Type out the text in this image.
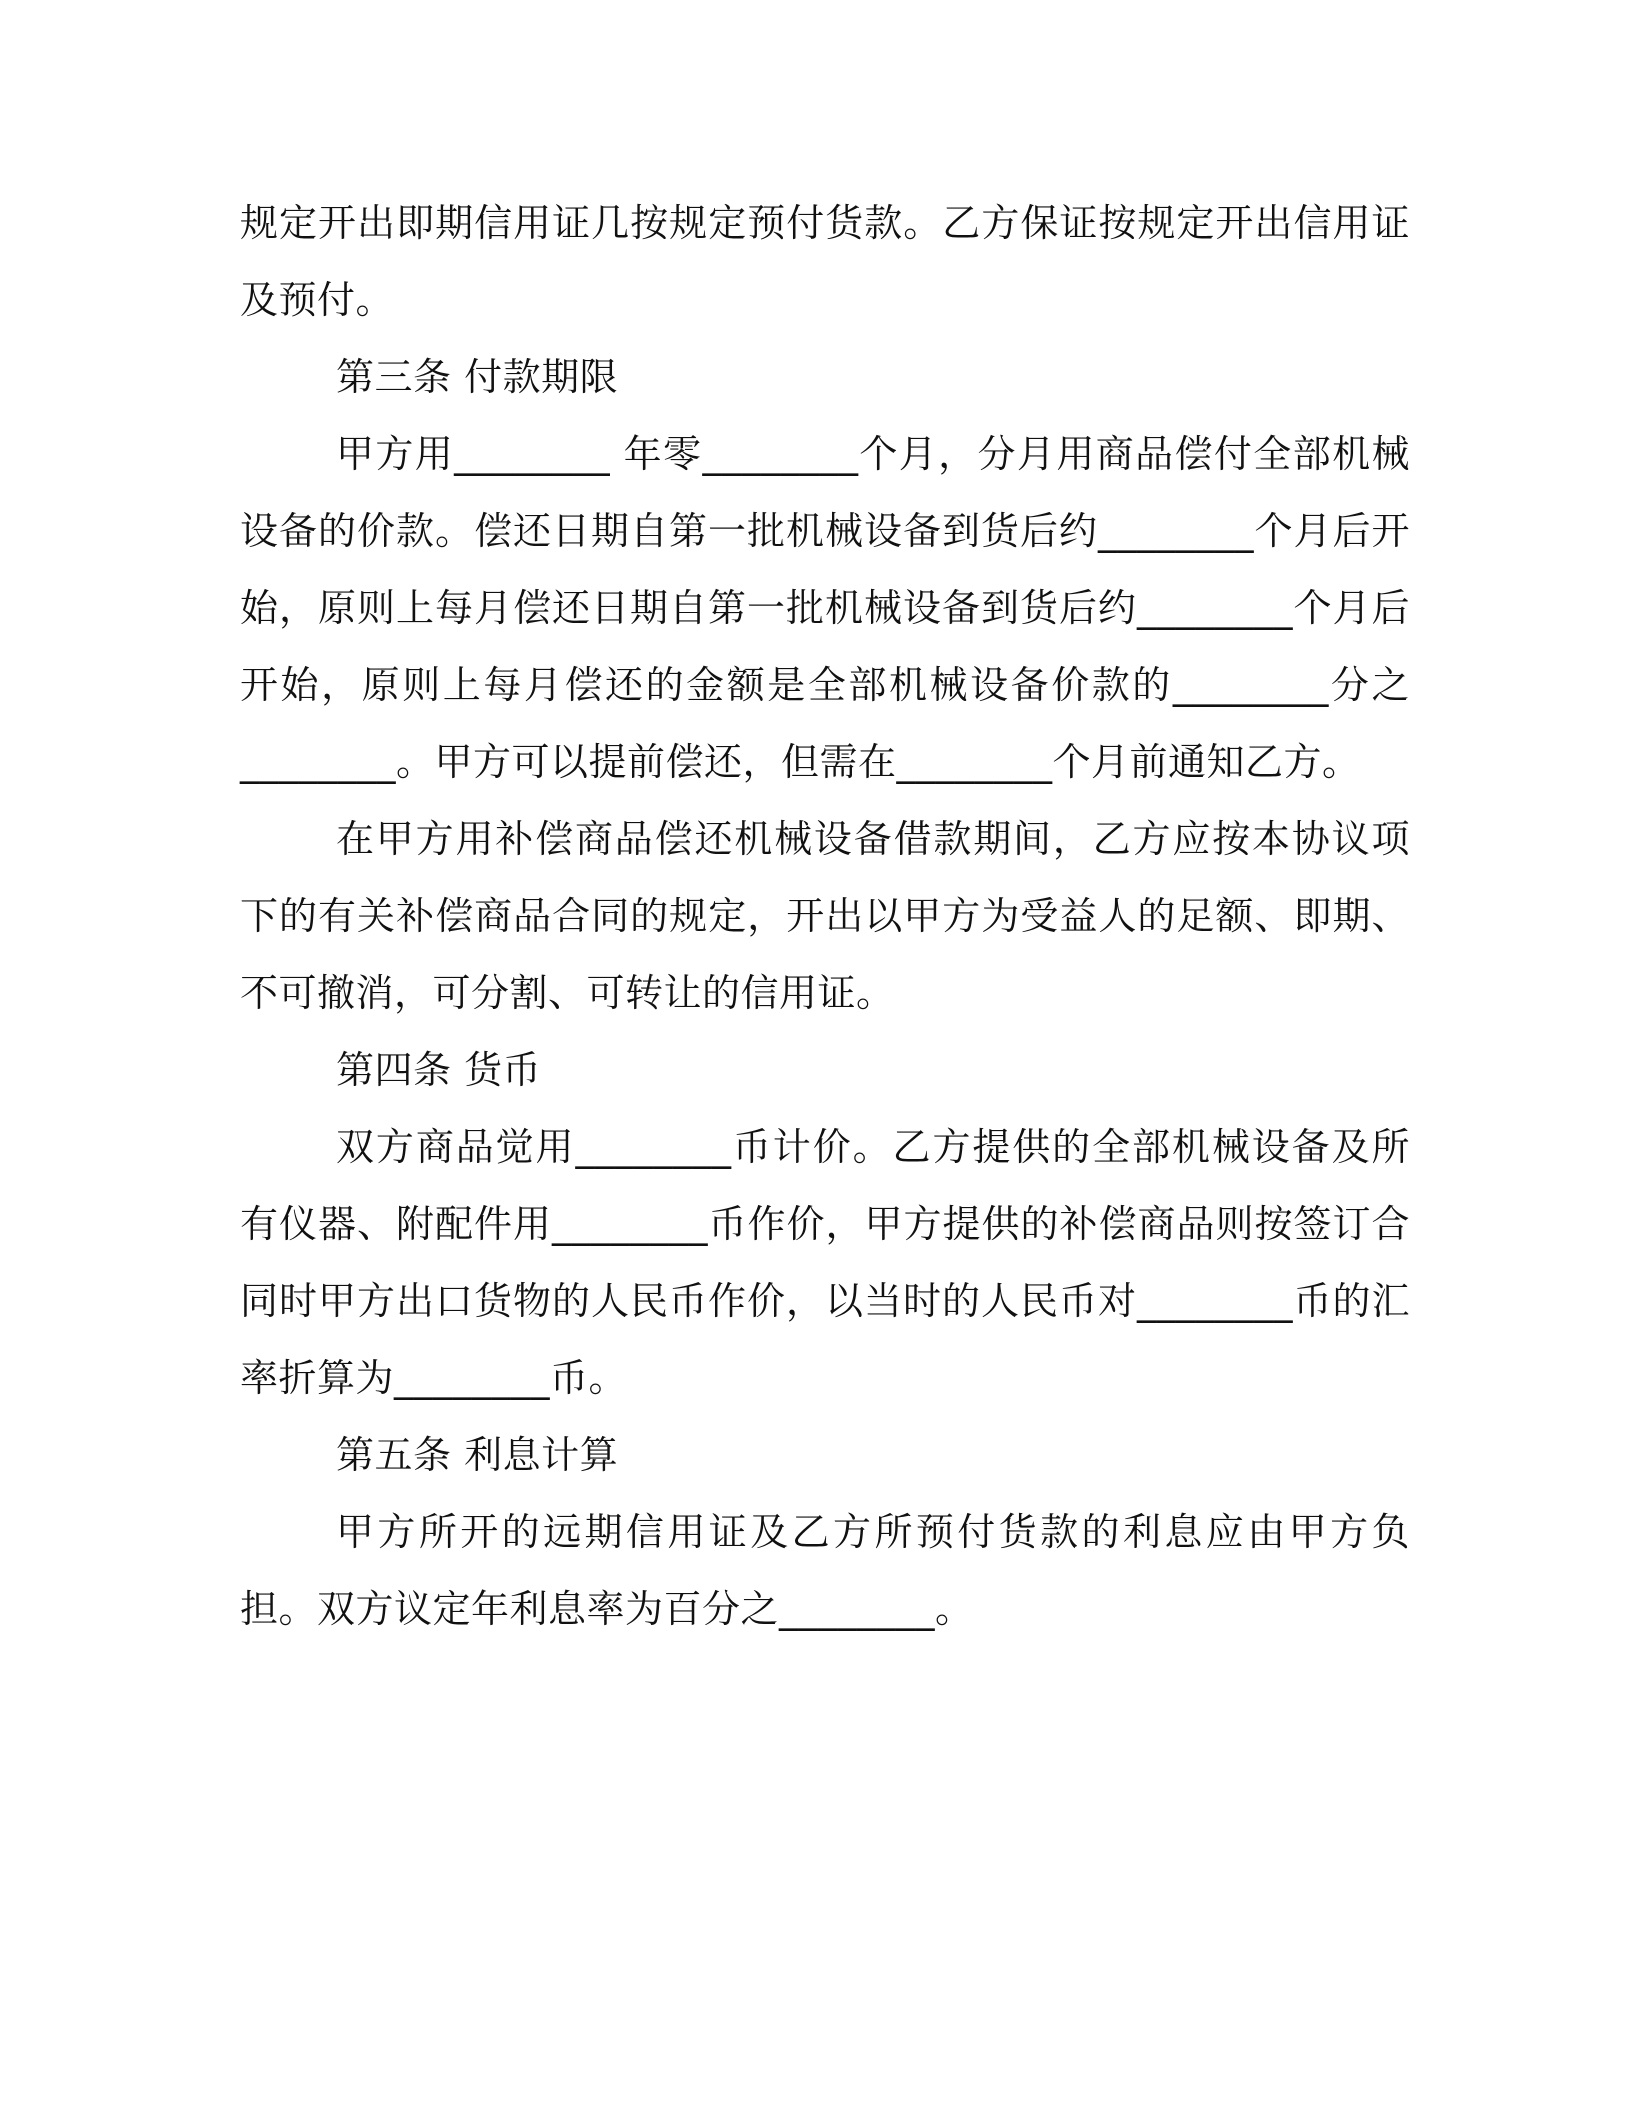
规定开出即期信用证几按规定预付货款。乙方保证按规定开出信用证及预付。

第三条 付款期限

甲方用________ 年零________个月，分月用商品偿付全部机械设备的价款。偿还日期自第一批机械设备到货后约________个月后开始，原则上每月偿还日期自第一批机械设备到货后约________个月后开始，原则上每月偿还的金额是全部机械设备价款的________分之________。甲方可以提前偿还，但需在________个月前通知乙方。

在甲方用补偿商品偿还机械设备借款期间，乙方应按本协议项下的有关补偿商品合同的规定，开出以甲方为受益人的足额、即期、不可撤消，可分割、可转让的信用证。

第四条 货币

双方商品觉用________币计价。乙方提供的全部机械设备及所有仪器、附配件用________币作价，甲方提供的补偿商品则按签订合同时甲方出口货物的人民币作价，以当时的人民币对________币的汇率折算为________币。

第五条 利息计算

甲方所开的远期信用证及乙方所预付货款的利息应由甲方负担。双方议定年利息率为百分之________。
